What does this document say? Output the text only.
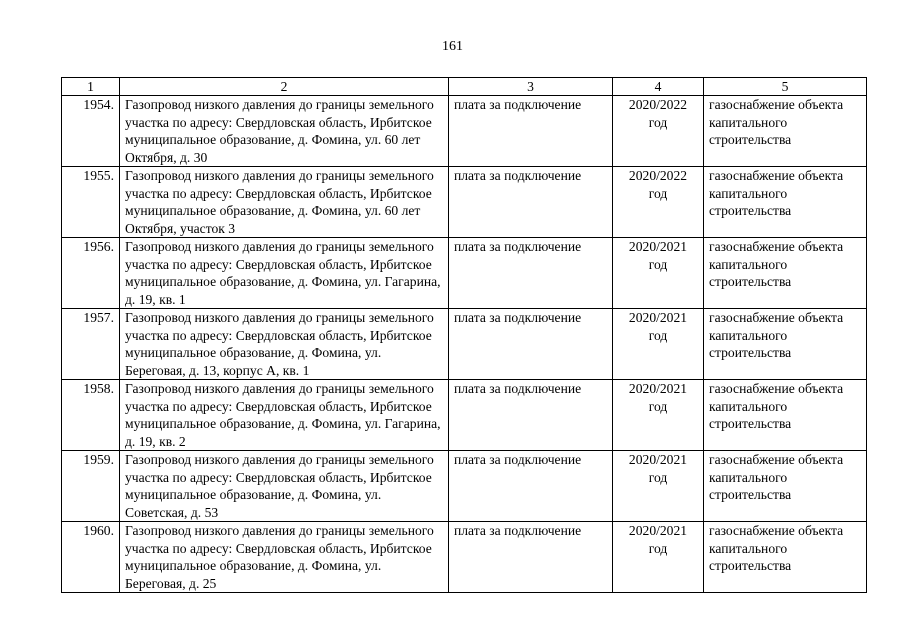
161
1	2	3	4	5
1954.	Газопровод низкого давления до границы земельного участка по адресу: Свердловская область, Ирбитское муниципальное образование, д. Фомина, ул. 60 лет Октября, д. 30	плата за подключение	2020/2022 год	газоснабжение объекта капитального строительства
1955.	Газопровод низкого давления до границы земельного участка по адресу: Свердловская область, Ирбитское муниципальное образование, д. Фомина, ул. 60 лет Октября, участок 3	плата за подключение	2020/2022 год	газоснабжение объекта капитального строительства
1956.	Газопровод низкого давления до границы земельного участка по адресу: Свердловская область, Ирбитское муниципальное образование, д. Фомина, ул. Гагарина, д. 19, кв. 1	плата за подключение	2020/2021 год	газоснабжение объекта капитального строительства
1957.	Газопровод низкого давления до границы земельного участка по адресу: Свердловская область, Ирбитское муниципальное образование, д. Фомина, ул. Береговая, д. 13, корпус А, кв. 1	плата за подключение	2020/2021 год	газоснабжение объекта капитального строительства
1958.	Газопровод низкого давления до границы земельного участка по адресу: Свердловская область, Ирбитское муниципальное образование, д. Фомина, ул. Гагарина, д. 19, кв. 2	плата за подключение	2020/2021 год	газоснабжение объекта капитального строительства
1959.	Газопровод низкого давления до границы земельного участка по адресу: Свердловская область, Ирбитское муниципальное образование, д. Фомина, ул. Советская, д. 53	плата за подключение	2020/2021 год	газоснабжение объекта капитального строительства
1960.	Газопровод низкого давления до границы земельного участка по адресу: Свердловская область, Ирбитское муниципальное образование, д. Фомина, ул. Береговая, д. 25	плата за подключение	2020/2021 год	газоснабжение объекта капитального строительства
